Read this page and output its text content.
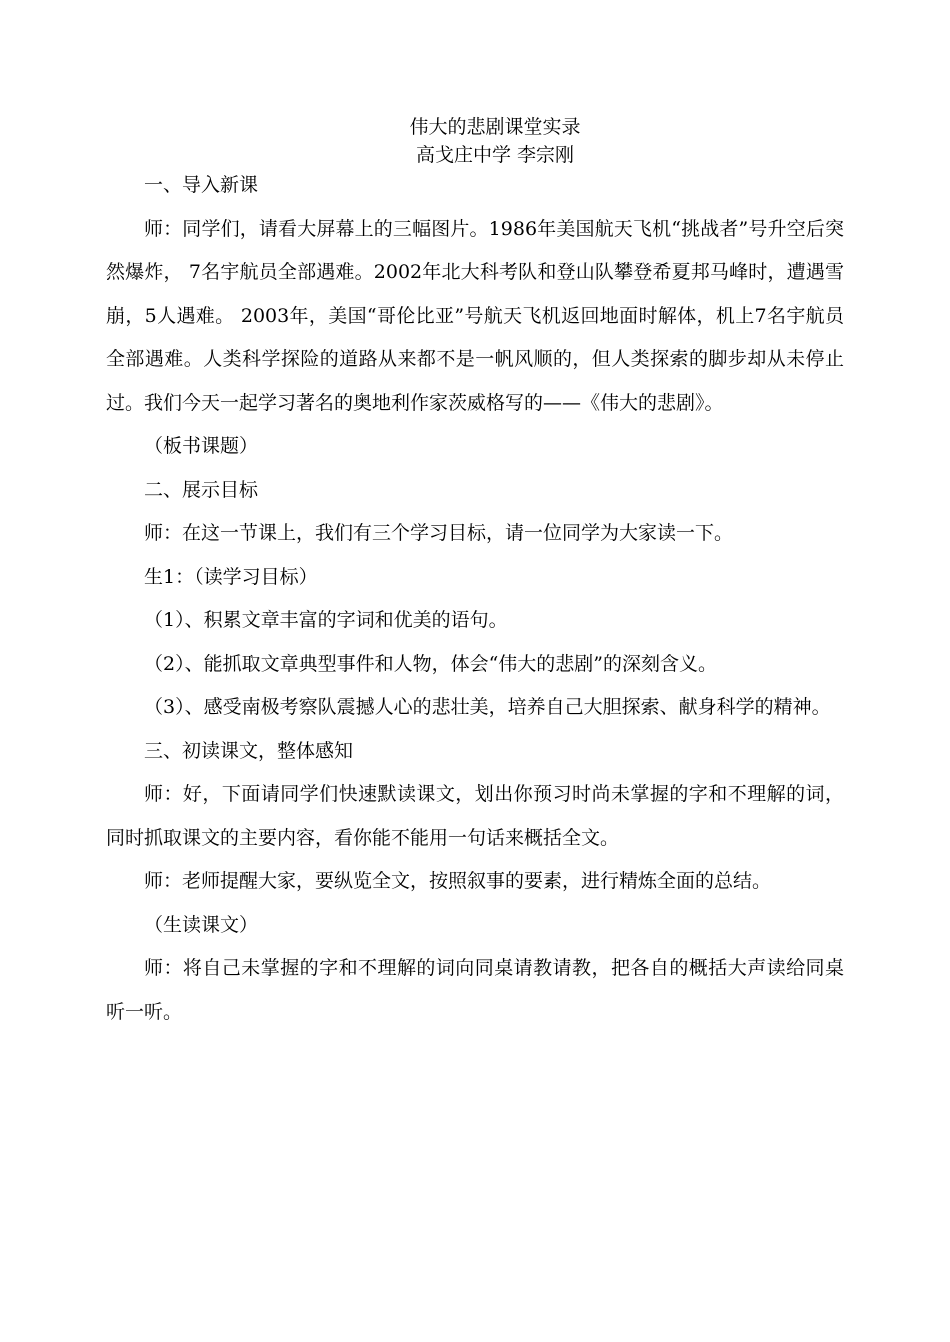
伟大的悲剧课堂实录
高戈庄中学 李宗刚

一、导入新课

师：同学们，请看大屏幕上的三幅图片。1986年美国航天飞机“挑战者”号升空后突然爆炸， 7名宇航员全部遇难。2002年北大科考队和登山队攀登希夏邦马峰时，遭遇雪崩，5人遇难。 2003年，美国“哥伦比亚”号航天飞机返回地面时解体，机上7名宇航员全部遇难。人类科学探险的道路从来都不是一帆风顺的，但人类探索的脚步却从未停止过。我们今天一起学习著名的奥地利作家茨威格写的——《伟大的悲剧》。

（板书课题）

二、展示目标

师：在这一节课上，我们有三个学习目标，请一位同学为大家读一下。

生1：（读学习目标）

（1）、积累文章丰富的字词和优美的语句。

（2）、能抓取文章典型事件和人物，体会“伟大的悲剧”的深刻含义。

（3）、感受南极考察队震撼人心的悲壮美，培养自己大胆探索、献身科学的精神。

三、初读课文，整体感知

师：好，下面请同学们快速默读课文，划出你预习时尚未掌握的字和不理解的词，同时抓取课文的主要内容，看你能不能用一句话来概括全文。

师：老师提醒大家，要纵览全文，按照叙事的要素，进行精炼全面的总结。

（生读课文）

师：将自己未掌握的字和不理解的词向同桌请教请教，把各自的概括大声读给同桌听一听。
